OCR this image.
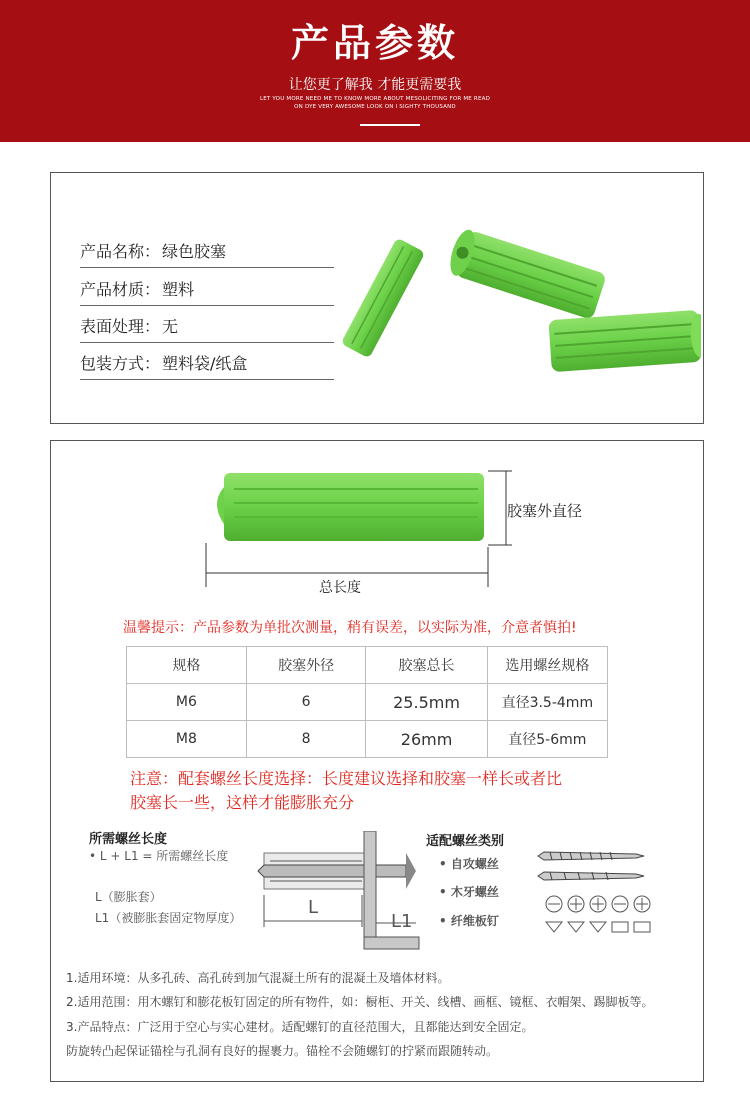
产品参数
让您更了解我 才能更需要我
LET YOU MORE NEED ME TO KNOW MORE ABOUT MESOLICITING FOR ME READ
ON DYE VERY AWESOME LOOK ON I SIGHTY THOUSAND
产品名称： 绿色胶塞
产品材质： 塑料
表面处理： 无
包装方式： 塑料袋/纸盒
胶塞外直径
总长度
温馨提示：产品参数为单批次测量，稍有误差，以实际为准，介意者慎拍!
规格	胶塞外径	胶塞总长	选用螺丝规格
M6	6	25.5mm	直径3.5-4mm
M8	8	26mm	直径5-6mm
注意：配套螺丝长度选择：长度建议选择和胶塞一样长或者比
胶塞长一些，这样才能膨胀充分
所需螺丝长度
• L + L1 = 所需螺丝长度
L（膨胀套）
L1（被膨胀套固定物厚度）	L
L1
适配螺丝类别
• 自攻螺丝
• 木牙螺丝
• 纤维板钉
1.适用环境：从多孔砖、高孔砖到加气混凝土所有的混凝土及墙体材料。
2.适用范围：用木螺钉和膨花板钉固定的所有物件，如：橱柜、开关、线槽、画框、镜框、衣帽架、踢脚板等。
3.产品特点：广泛用于空心与实心建材。适配螺钉的直径范围大，且都能达到安全固定。
防旋转凸起保证锚栓与孔洞有良好的握裹力。锚栓不会随螺钉的拧紧而跟随转动。
